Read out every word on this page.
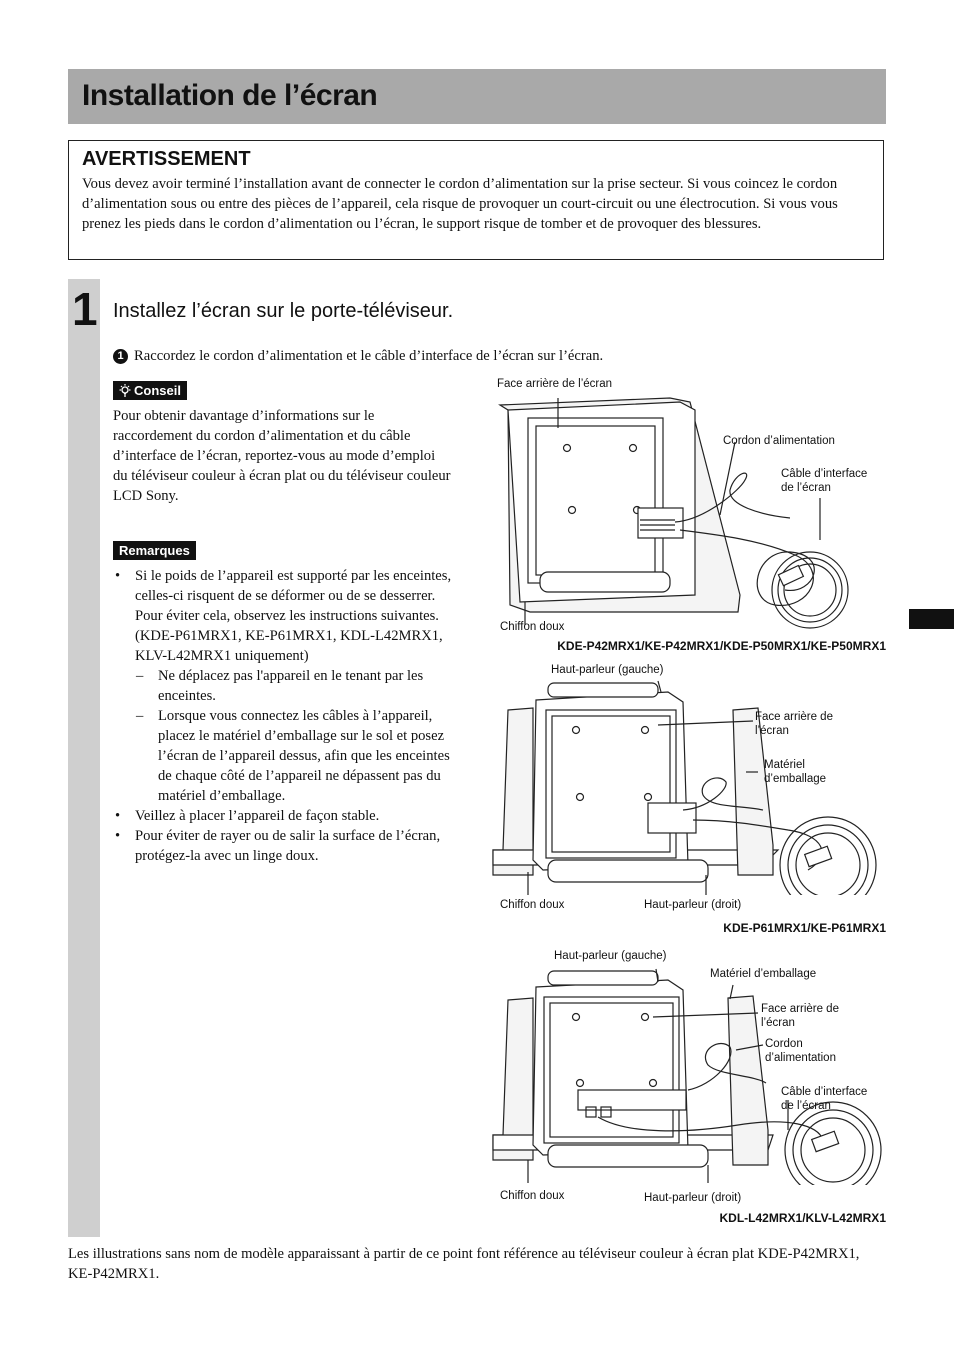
Installation de l’écran
AVERTISSEMENT

Vous devez avoir terminé l’installation avant de connecter le cordon d’alimentation sur la prise secteur. Si vous coincez le cordon d’alimentation sous ou entre des pièces de l’appareil, cela risque de provoquer un court-circuit ou une électrocution. Si vous vous prenez les pieds dans le cordon d’alimentation ou l’écran, le support risque de tomber et de provoquer des blessures.

1 Installez l’écran sur le porte-téléviseur.
1 Raccordez le cordon d’alimentation et le câble d’interface de l’écran sur l’écran.
Conseil

Pour obtenir davantage d’informations sur le raccordement du cordon d’alimentation et du câble d’interface de l’écran, reportez-vous au mode d’emploi du téléviseur couleur à écran plat ou du téléviseur couleur LCD Sony.

Remarques
• Si le poids de l’appareil est supporté par les enceintes, celles-ci risquent de se déformer ou de se desserrer. Pour éviter cela, observez les instructions suivantes. (KDE-P61MRX1, KE-P61MRX1, KDL-L42MRX1, KLV-L42MRX1 uniquement)
– Ne déplacez pas l'appareil en le tenant par les enceintes.
– Lorsque vous connectez les câbles à l’appareil, placez le matériel d’emballage sur le sol et posez l’écran de l’appareil dessus, afin que les enceintes de chaque côté de l’appareil ne dépassent pas du matériel d’emballage.
• Veillez à placer l’appareil de façon stable.
• Pour éviter de rayer ou de salir la surface de l’écran, protégez-la avec un linge doux.
Face arrière de l’écran
Cordon d’alimentation
Câble d’interface
de l’écran
Chiffon doux
KDE-P42MRX1/KE-P42MRX1/KDE-P50MRX1/KE-P50MRX1
Haut-parleur (gauche)
Face arrière de
l’écran
Matériel
d’emballage
Chiffon doux	Haut-parleur (droit)
KDE-P61MRX1/KE-P61MRX1
Haut-parleur (gauche)
Matériel d’emballage
Face arrière de
l’écran
Cordon
d’alimentation
Câble d’interface
de l’écran
Chiffon doux	Haut-parleur (droit)
KDL-L42MRX1/KLV-L42MRX1

Les illustrations sans nom de modèle apparaissant à partir de ce point font référence au téléviseur couleur à écran plat KDE-P42MRX1, KE-P42MRX1.
